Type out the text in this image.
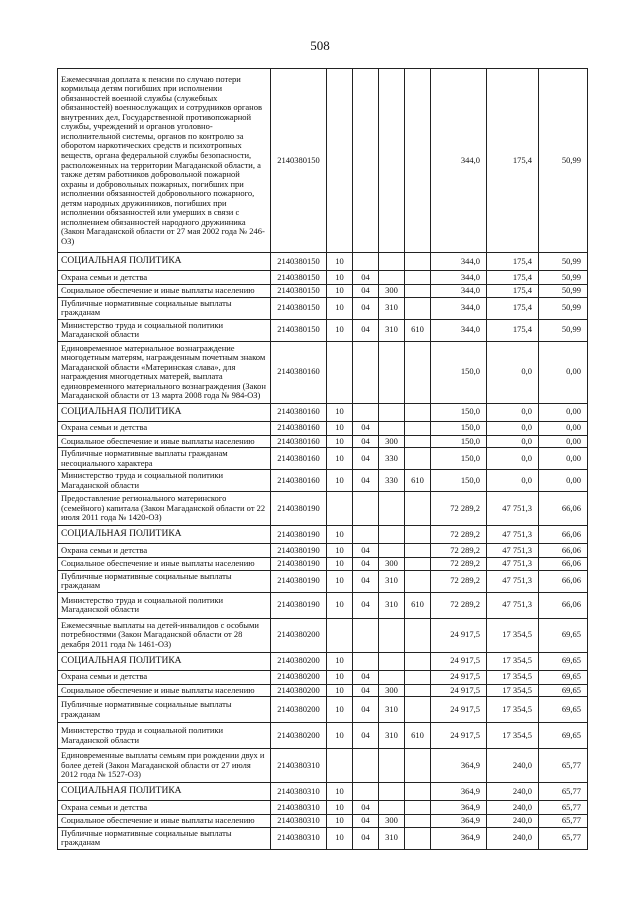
508
Ежемесячная доплата к пенсии по случаю потери кормильца детям погибших при исполнении обязанностей военной службы (служебных обязанностей) военнослужащих и сотрудников органов внутренних дел, Государственной противопожарной службы, учреждений и органов уголовно-исполнительной системы, органов по контролю за оборотом наркотических средств и психотропных веществ, органа федеральной службы безопасности, расположенных на территории Магаданской области, а также детям работников добровольной пожарной охраны и добровольных пожарных, погибших при исполнении обязанностей добровольного пожарного, детям народных дружинников, погибших при исполнении обязанностей или умерших в связи с исполнением обязанностей народного дружинника (Закон Магаданской области от 27 мая 2002 года № 246-ОЗ)	2140380150					344,0	175,4	50,99
СОЦИАЛЬНАЯ ПОЛИТИКА	2140380150	10				344,0	175,4	50,99
Охрана семьи и детства	2140380150	10	04			344,0	175,4	50,99
Социальное обеспечение и иные выплаты населению	2140380150	10	04	300		344,0	175,4	50,99
Публичные нормативные социальные выплаты гражданам	2140380150	10	04	310		344,0	175,4	50,99
Министерство труда и социальной политики Магаданской области	2140380150	10	04	310	610	344,0	175,4	50,99
Единовременное материальное вознаграждение многодетным матерям, награжденным почетным знаком Магаданской области «Материнская слава», для награждения многодетных матерей, выплата единовременного материального вознаграждения (Закон Магаданской области от 13 марта 2008 года № 984-ОЗ)	2140380160					150,0	0,0	0,00
СОЦИАЛЬНАЯ ПОЛИТИКА	2140380160	10				150,0	0,0	0,00
Охрана семьи и детства	2140380160	10	04			150,0	0,0	0,00
Социальное обеспечение и иные выплаты населению	2140380160	10	04	300		150,0	0,0	0,00
Публичные нормативные выплаты гражданам несоциального характера	2140380160	10	04	330		150,0	0,0	0,00
Министерство труда и социальной политики Магаданской области	2140380160	10	04	330	610	150,0	0,0	0,00
Предоставление регионального материнского (семейного) капитала (Закон Магаданской области от 22 июля 2011 года № 1420-ОЗ)	2140380190					72 289,2	47 751,3	66,06
СОЦИАЛЬНАЯ ПОЛИТИКА	2140380190	10				72 289,2	47 751,3	66,06
Охрана семьи и детства	2140380190	10	04			72 289,2	47 751,3	66,06
Социальное обеспечение и иные выплаты населению	2140380190	10	04	300		72 289,2	47 751,3	66,06
Публичные нормативные социальные выплаты гражданам	2140380190	10	04	310		72 289,2	47 751,3	66,06
Министерство труда и социальной политики Магаданской области	2140380190	10	04	310	610	72 289,2	47 751,3	66,06
Ежемесячные выплаты на детей-инвалидов с особыми потребностями (Закон Магаданской области от 28 декабря 2011 года № 1461-ОЗ)	2140380200					24 917,5	17 354,5	69,65
СОЦИАЛЬНАЯ ПОЛИТИКА	2140380200	10				24 917,5	17 354,5	69,65
Охрана семьи и детства	2140380200	10	04			24 917,5	17 354,5	69,65
Социальное обеспечение и иные выплаты населению	2140380200	10	04	300		24 917,5	17 354,5	69,65
Публичные нормативные социальные выплаты гражданам	2140380200	10	04	310		24 917,5	17 354,5	69,65
Министерство труда и социальной политики Магаданской области	2140380200	10	04	310	610	24 917,5	17 354,5	69,65
Единовременные выплаты семьям при рождении двух и более детей (Закон Магаданской области от 27 июля 2012 года № 1527-ОЗ)	2140380310					364,9	240,0	65,77
СОЦИАЛЬНАЯ ПОЛИТИКА	2140380310	10				364,9	240,0	65,77
Охрана семьи и детства	2140380310	10	04			364,9	240,0	65,77
Социальное обеспечение и иные выплаты населению	2140380310	10	04	300		364,9	240,0	65,77
Публичные нормативные социальные выплаты гражданам	2140380310	10	04	310		364,9	240,0	65,77
